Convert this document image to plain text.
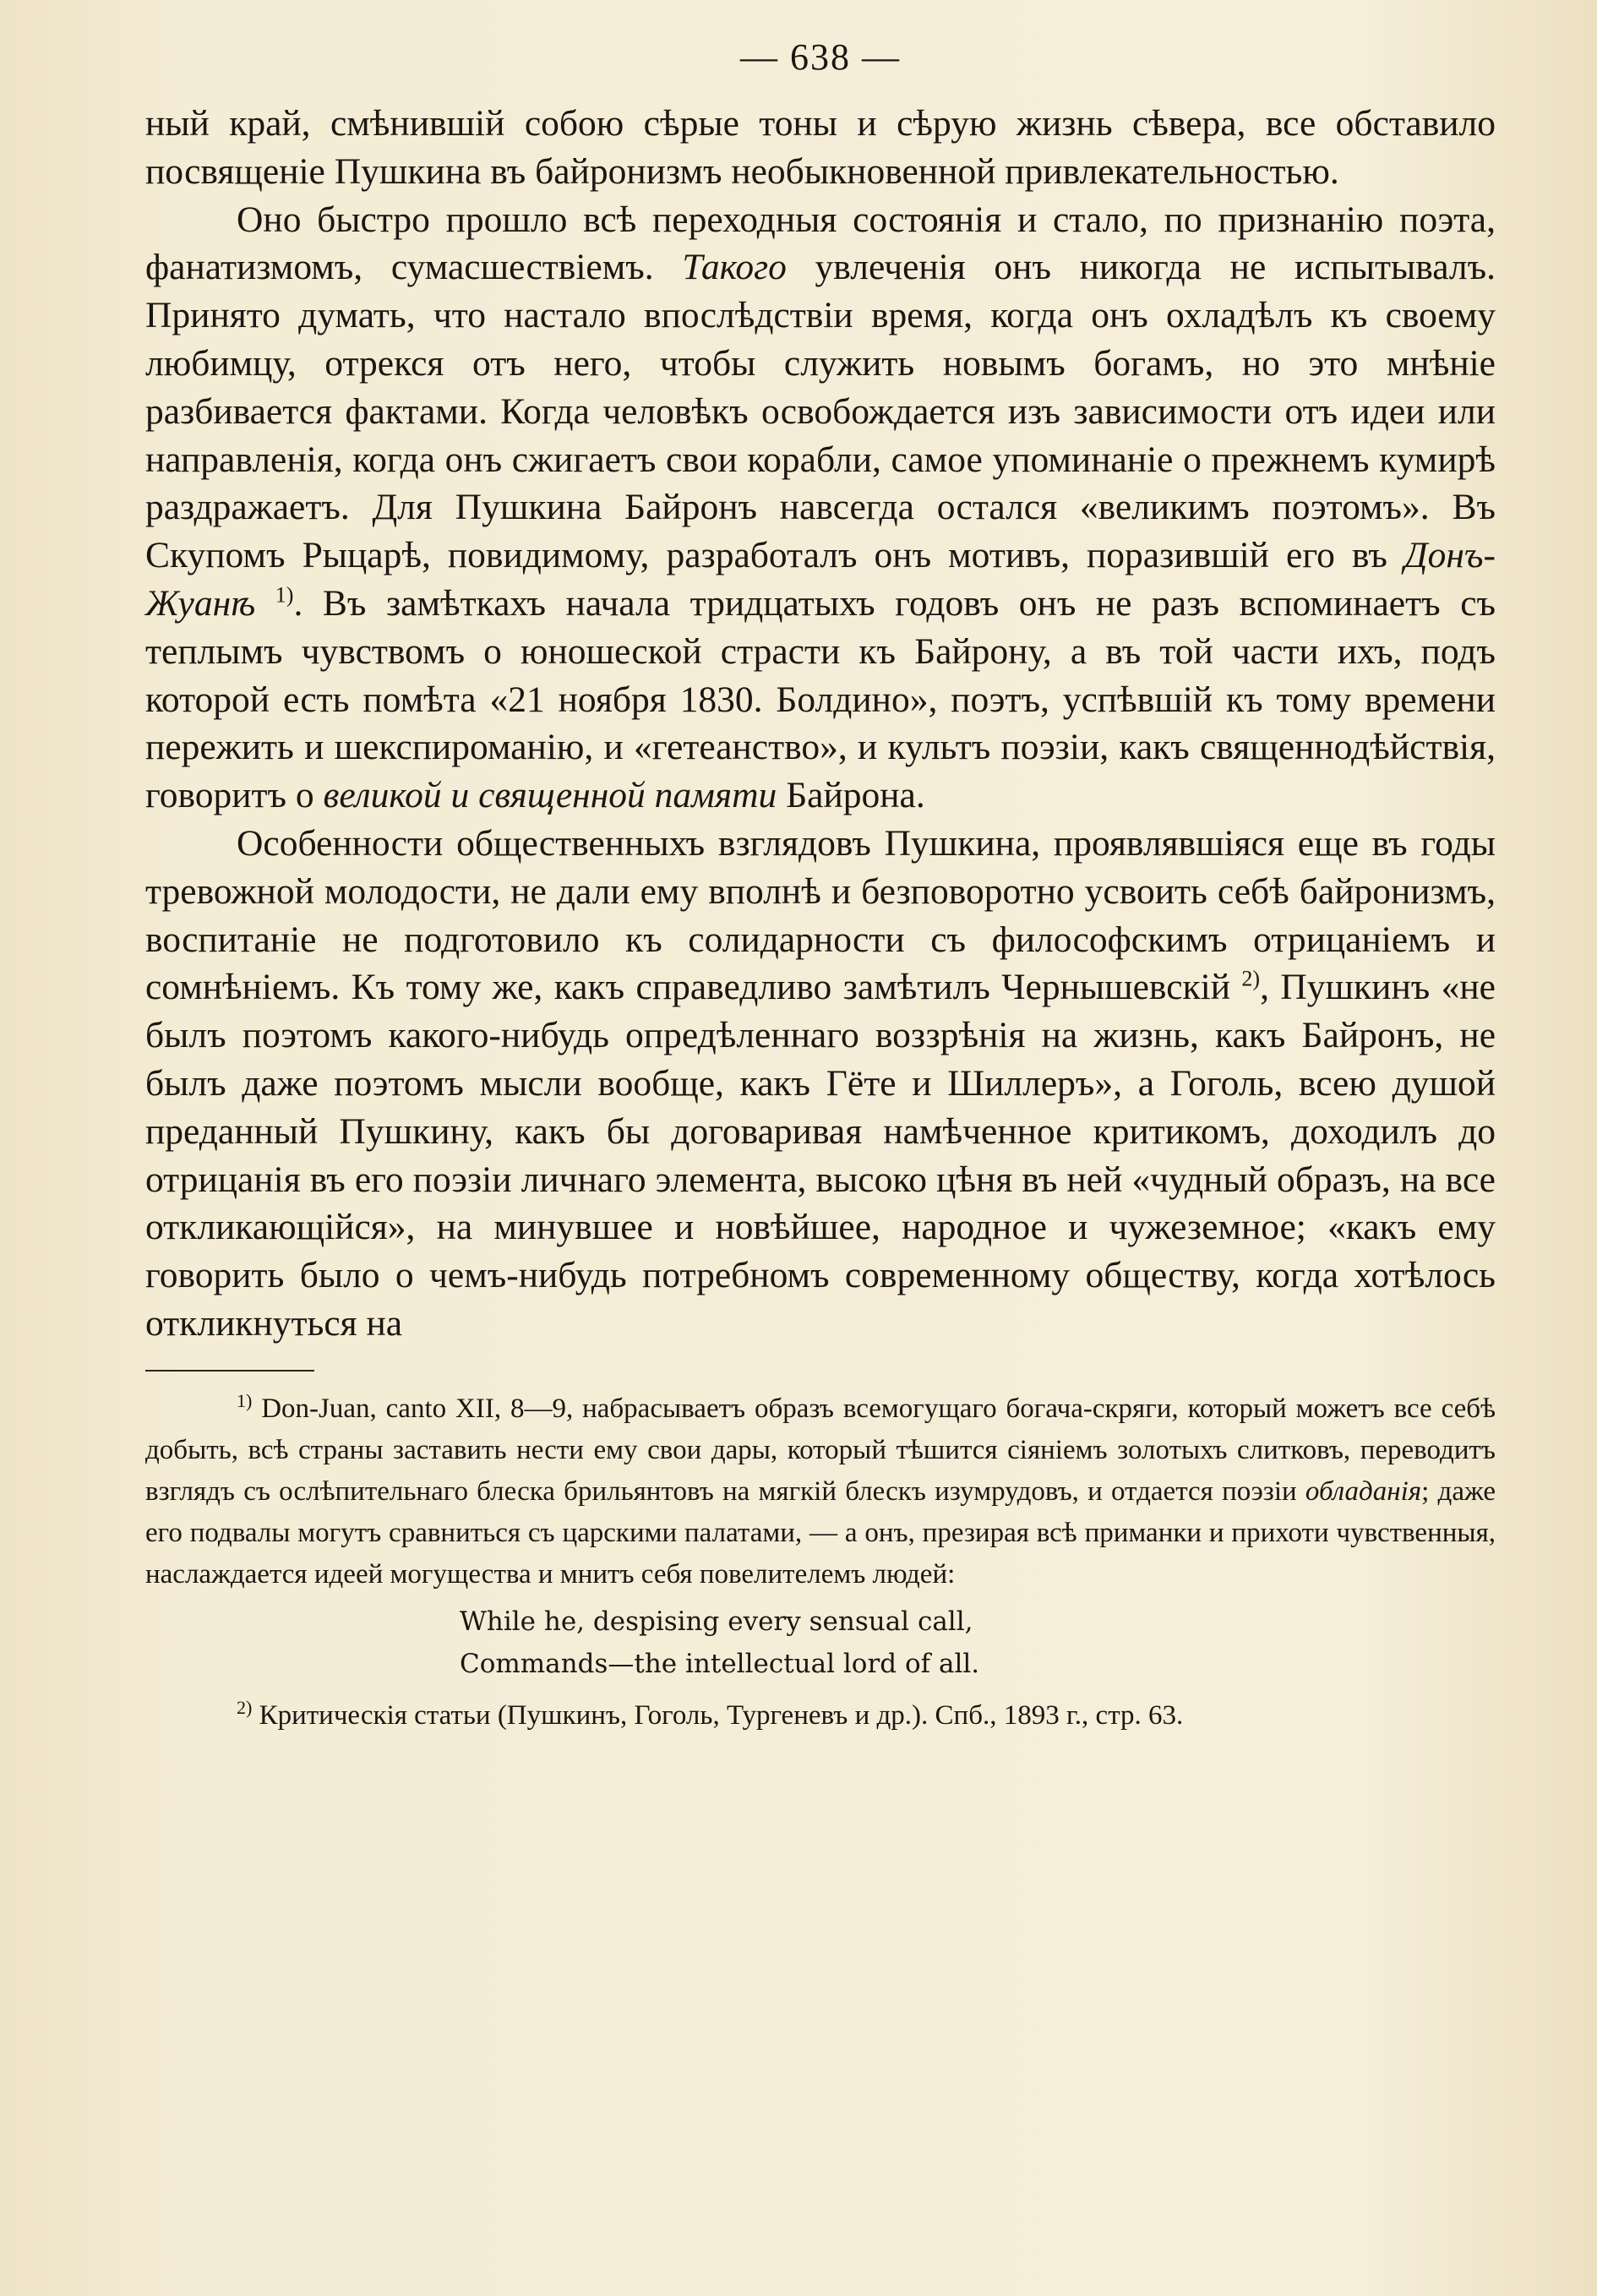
— 638 —

ный край, смѣнившій собою сѣрые тоны и сѣрую жизнь сѣвера, все обставило посвященіе Пушкина въ байронизмъ необыкновенной привлекательностью.

Оно быстро прошло всѣ переходныя состоянія и стало, по признанію поэта, фанатизмомъ, сумасшествіемъ. Такого увлеченія онъ никогда не испытывалъ. Принято думать, что настало впослѣдствіи время, когда онъ охладѣлъ къ своему любимцу, отрекся отъ него, чтобы служить новымъ богамъ, но это мнѣніе разбивается фактами. Когда человѣкъ освобождается изъ зависимости отъ идеи или направленія, когда онъ сжигаетъ свои корабли, самое упоминаніе о прежнемъ кумирѣ раздражаетъ. Для Пушкина Байронъ навсегда остался «великимъ поэтомъ». Въ Скупомъ Рыцарѣ, повидимому, разработалъ онъ мотивъ, поразившій его въ Донъ-Жуанѣ $^{1)}$. Въ замѣткахъ начала тридцатыхъ годовъ онъ не разъ вспоминаетъ съ теплымъ чувствомъ о юношеской страсти къ Байрону, а въ той части ихъ, подъ которой есть помѣта «21 ноября 1830. Болдино», поэтъ, успѣвшій къ тому времени пережить и шекспироманію, и «гетеанство», и культъ поэзіи, какъ священнодѣйствія, говоритъ о великой и священной памяти Байрона.

Особенности общественныхъ взглядовъ Пушкина, проявлявшіяся еще въ годы тревожной молодости, не дали ему вполнѣ и безповоротно усвоить себѣ байронизмъ, воспитаніе не подготовило къ солидарности съ философскимъ отрицаніемъ и сомнѣніемъ. Къ тому же, какъ справедливо замѣтилъ Чернышевскій $^{2)}$, Пушкинъ «не былъ поэтомъ какого-нибудь опредѣленнаго воззрѣнія на жизнь, какъ Байронъ, не былъ даже поэтомъ мысли вообще, какъ Гёте и Шиллеръ», а Гоголь, всею душой преданный Пушкину, какъ бы договаривая намѣченное критикомъ, доходилъ до отрицанія въ его поэзіи личнаго элемента, высоко цѣня въ ней «чудный образъ, на все откликающійся», на минувшее и новѣйшее, народное и чужеземное; «какъ ему говорить было о чемъ-нибудь потребномъ современному обществу, когда хотѣлось откликнуться на

$^{1)}$ Don-Juan, canto XII, 8—9, набрасываетъ образъ всемогущаго богача-скряги, который можетъ все себѣ добыть, всѣ страны заставить нести ему свои дары, который тѣшится сіяніемъ золотыхъ слитковъ, переводитъ взглядъ съ ослѣпительнаго блеска брильянтовъ на мягкій блескъ изумрудовъ, и отдается поэзіи обладанія; даже его подвалы могутъ сравниться съ царскими палатами, — а онъ, презирая всѣ приманки и прихоти чувственныя, наслаждается идеей могущества и мнитъ себя повелителемъ людей:

While he, despising every sensual call,
Commands—the intellectual lord of all.

$^{2)}$ Критическія статьи (Пушкинъ, Гоголь, Тургеневъ и др.). Спб., 1893 г., стр. 63.
